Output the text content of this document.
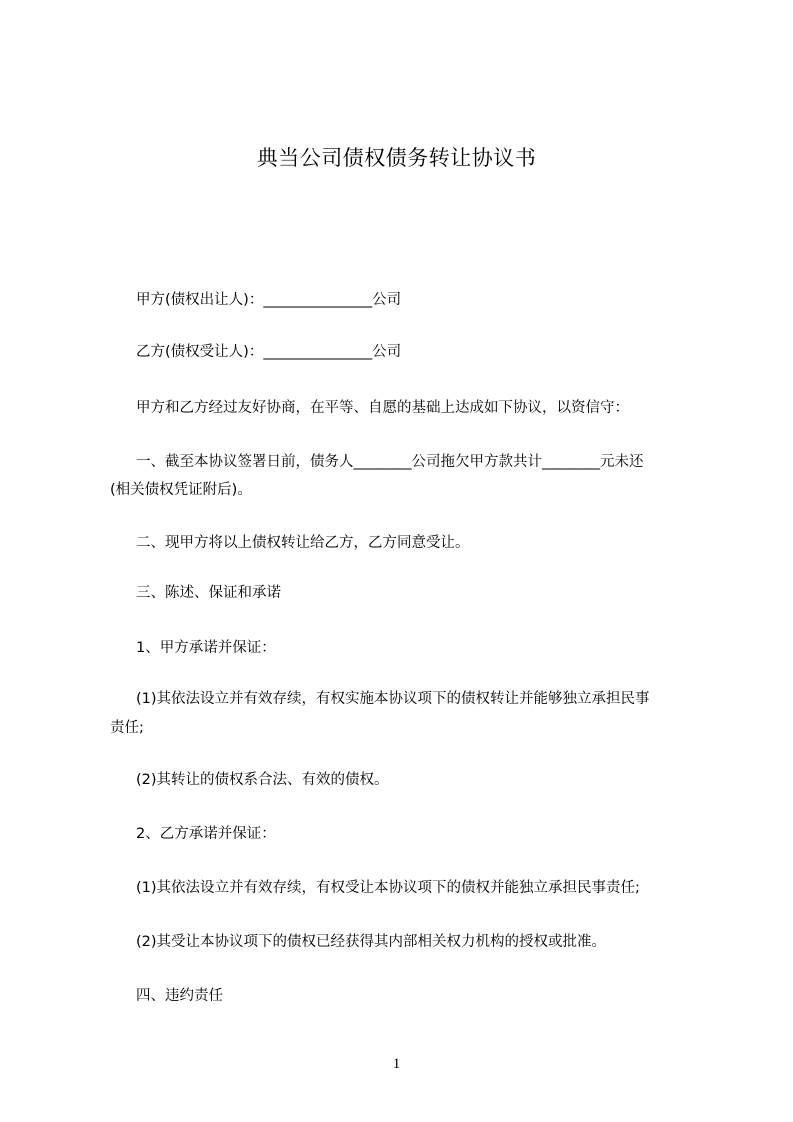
典当公司债权债务转让协议书
甲方(债权出让人)：_______________公司
乙方(债权受让人)：_______________公司
甲方和乙方经过友好协商，在平等、自愿的基础上达成如下协议，以资信守：
一、截至本协议签署日前，债务人________公司拖欠甲方款共计________元未还
(相关债权凭证附后)。
二、现甲方将以上债权转让给乙方，乙方同意受让。
三、陈述、保证和承诺
1、甲方承诺并保证：
(1)其依法设立并有效存续，有权实施本协议项下的债权转让并能够独立承担民事
责任;
(2)其转让的债权系合法、有效的债权。
2、乙方承诺并保证：
(1)其依法设立并有效存续，有权受让本协议项下的债权并能独立承担民事责任;
(2)其受让本协议项下的债权已经获得其内部相关权力机构的授权或批准。
四、违约责任
1
